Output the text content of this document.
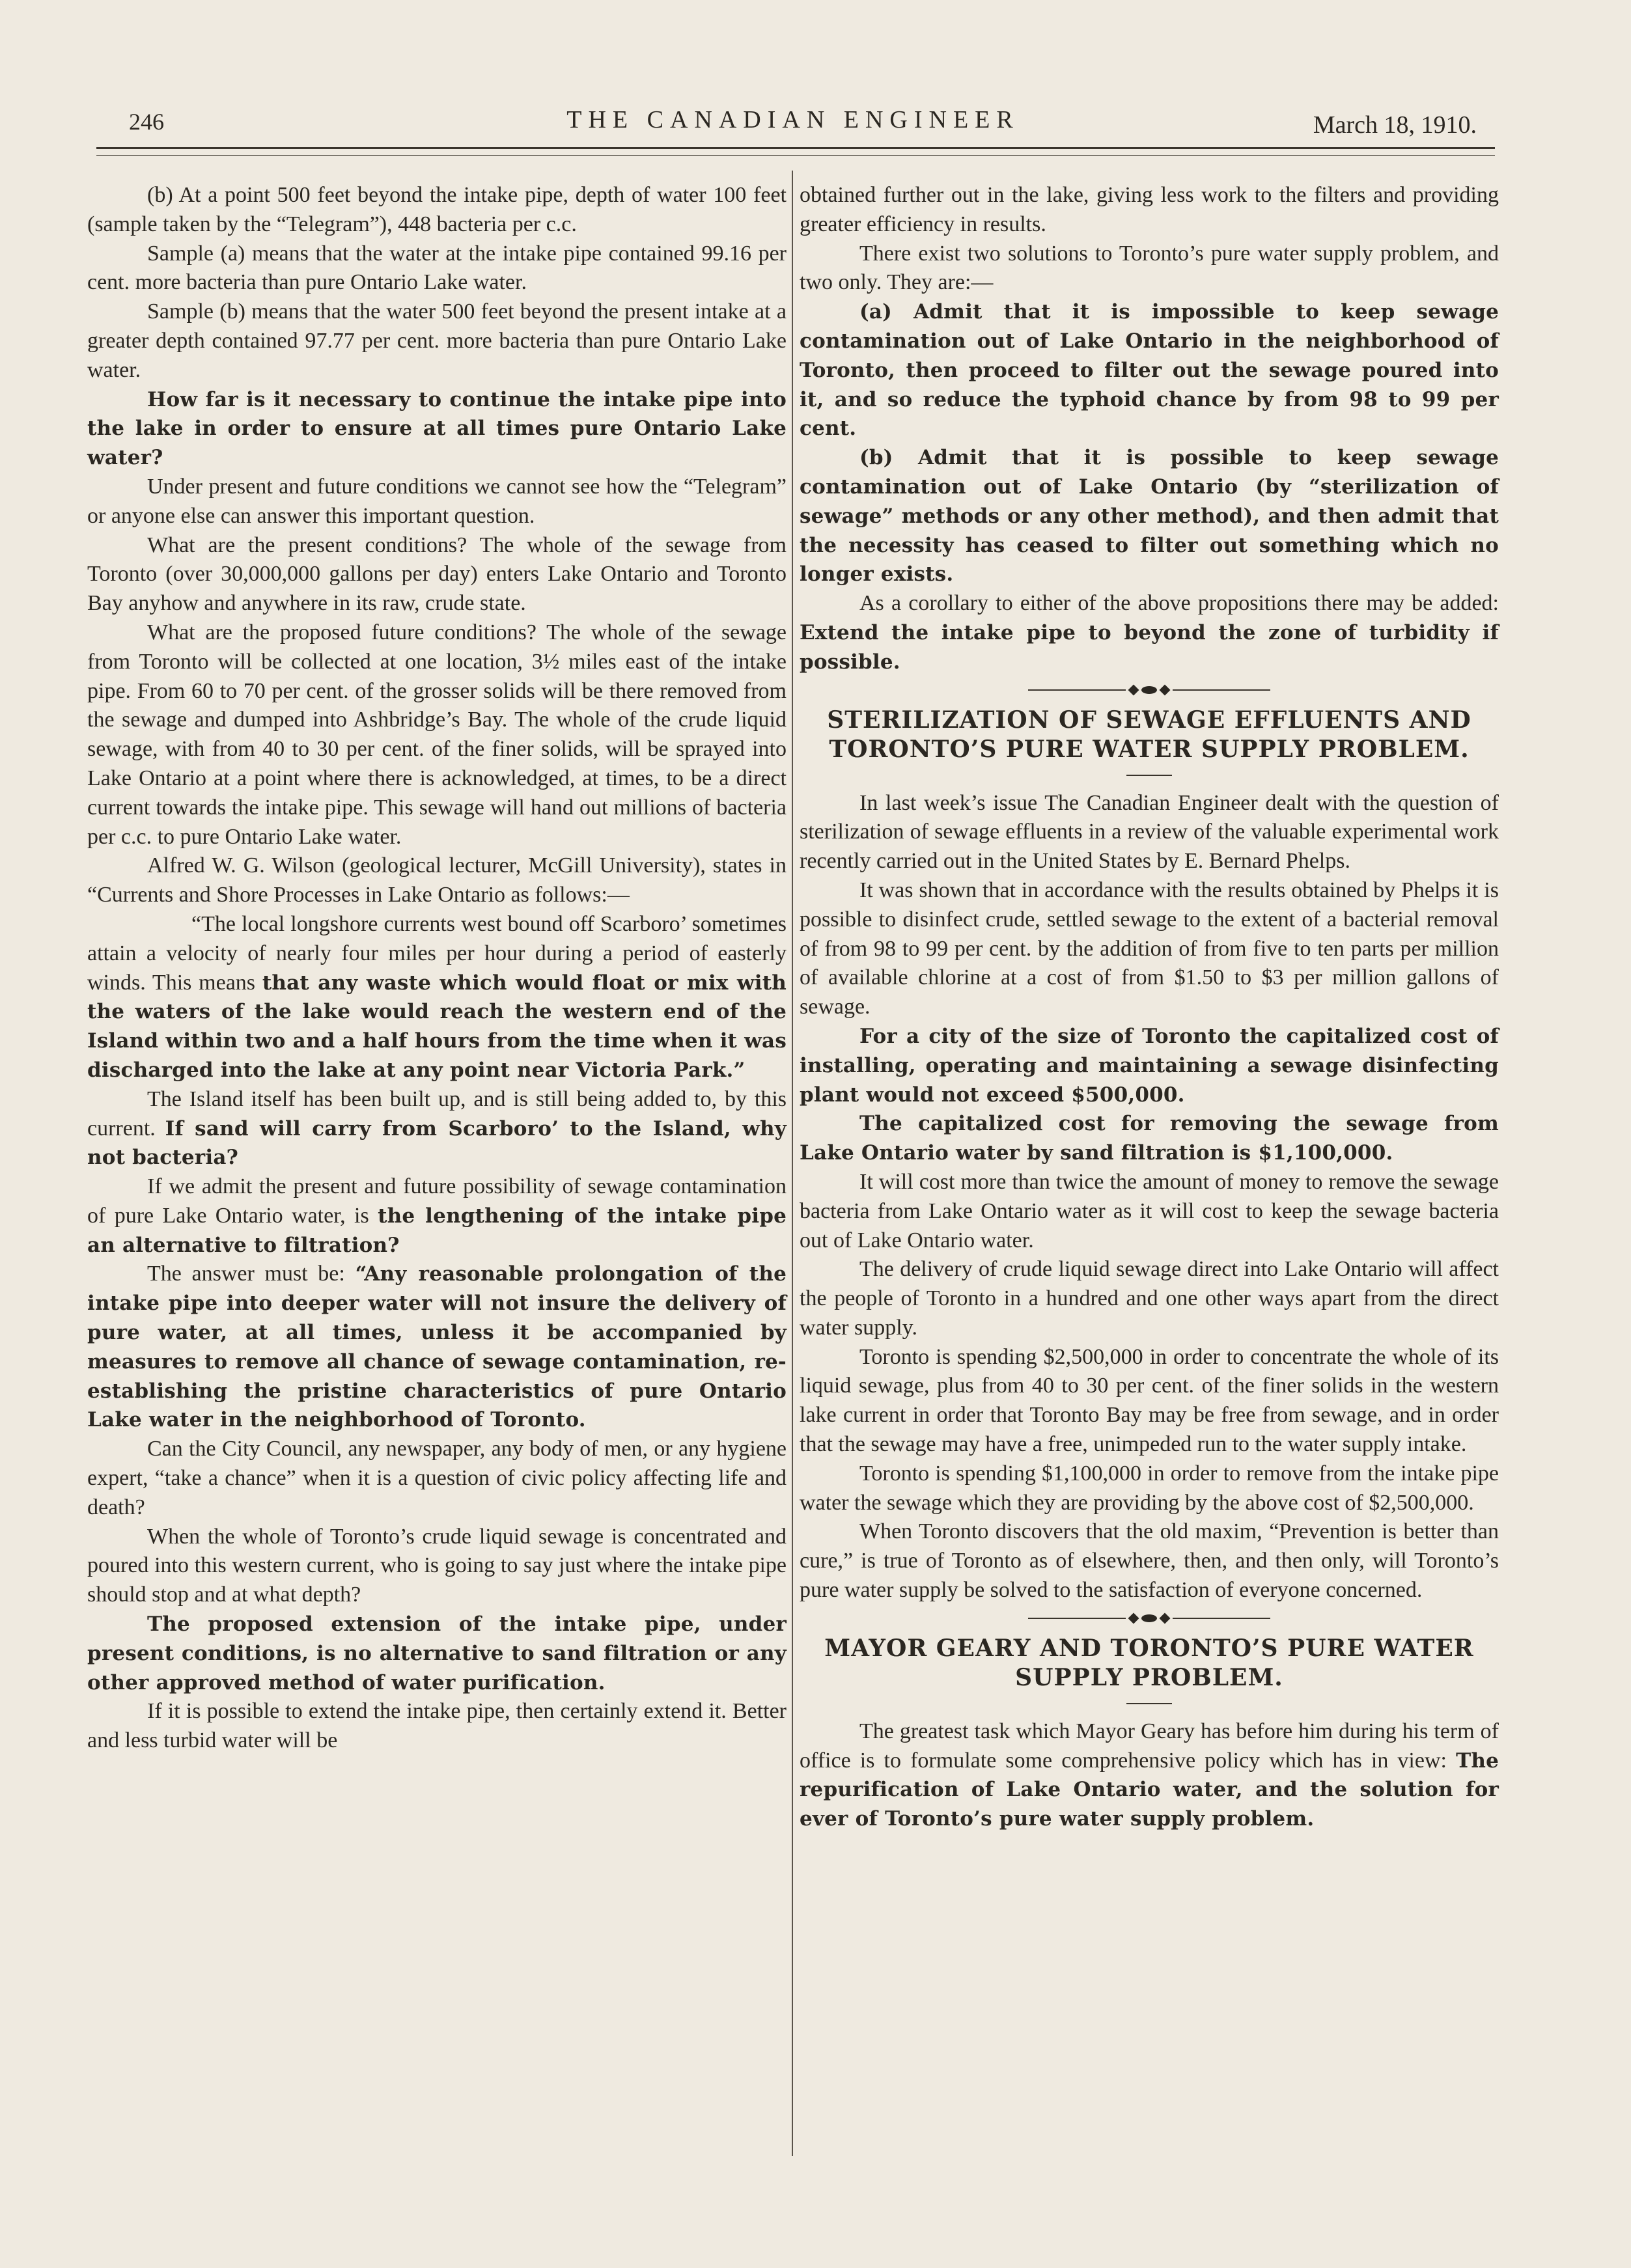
246	THE CANADIAN ENGINEER	March 18, 1910.

(b) At a point 500 feet beyond the intake pipe, depth of water 100 feet (sample taken by the “Telegram”), 448 bacteria per c.c.

Sample (a) means that the water at the intake pipe contained 99.16 per cent. more bacteria than pure Ontario Lake water.

Sample (b) means that the water 500 feet beyond the present intake at a greater depth contained 97.77 per cent. more bacteria than pure Ontario Lake water.

How far is it necessary to continue the intake pipe into the lake in order to ensure at all times pure Ontario Lake water?

Under present and future conditions we cannot see how the “Telegram” or anyone else can answer this important question.

What are the present conditions? The whole of the sewage from Toronto (over 30,000,000 gallons per day) enters Lake Ontario and Toronto Bay anyhow and anywhere in its raw, crude state.

What are the proposed future conditions? The whole of the sewage from Toronto will be collected at one location, 3½ miles east of the intake pipe. From 60 to 70 per cent. of the grosser solids will be there removed from the sewage and dumped into Ashbridge’s Bay. The whole of the crude liquid sewage, with from 40 to 30 per cent. of the finer solids, will be sprayed into Lake Ontario at a point where there is acknowledged, at times, to be a direct current towards the intake pipe. This sewage will hand out millions of bacteria per c.c. to pure Ontario Lake water.

Alfred W. G. Wilson (geological lecturer, McGill University), states in “Currents and Shore Processes in Lake Ontario as follows:—

“The local longshore currents west bound off Scarboro’ sometimes attain a velocity of nearly four miles per hour during a period of easterly winds. This means that any waste which would float or mix with the waters of the lake would reach the western end of the Island within two and a half hours from the time when it was discharged into the lake at any point near Victoria Park.”

The Island itself has been built up, and is still being added to, by this current. If sand will carry from Scarboro’ to the Island, why not bacteria?

If we admit the present and future possibility of sewage contamination of pure Lake Ontario water, is the lengthening of the intake pipe an alternative to filtration?

The answer must be: “Any reasonable prolongation of the intake pipe into deeper water will not insure the delivery of pure water, at all times, unless it be accompanied by measures to remove all chance of sewage contamination, re-establishing the pristine characteristics of pure Ontario Lake water in the neighborhood of Toronto.

Can the City Council, any newspaper, any body of men, or any hygiene expert, “take a chance” when it is a question of civic policy affecting life and death?

When the whole of Toronto’s crude liquid sewage is concentrated and poured into this western current, who is going to say just where the intake pipe should stop and at what depth?

The proposed extension of the intake pipe, under present conditions, is no alternative to sand filtration or any other approved method of water purification.

If it is possible to extend the intake pipe, then certainly extend it. Better and less turbid water will be

obtained further out in the lake, giving less work to the filters and providing greater efficiency in results.

There exist two solutions to Toronto’s pure water supply problem, and two only. They are:—

(a) Admit that it is impossible to keep sewage contamination out of Lake Ontario in the neighborhood of Toronto, then proceed to filter out the sewage poured into it, and so reduce the typhoid chance by from 98 to 99 per cent.

(b) Admit that it is possible to keep sewage contamination out of Lake Ontario (by “sterilization of sewage” methods or any other method), and then admit that the necessity has ceased to filter out something which no longer exists.

As a corollary to either of the above propositions there may be added: Extend the intake pipe to beyond the zone of turbidity if possible.

STERILIZATION OF SEWAGE EFFLUENTS AND TORONTO’S PURE WATER SUPPLY PROBLEM.

In last week’s issue The Canadian Engineer dealt with the question of sterilization of sewage effluents in a review of the valuable experimental work recently carried out in the United States by E. Bernard Phelps.

It was shown that in accordance with the results obtained by Phelps it is possible to disinfect crude, settled sewage to the extent of a bacterial removal of from 98 to 99 per cent. by the addition of from five to ten parts per million of available chlorine at a cost of from $1.50 to $3 per million gallons of sewage.

For a city of the size of Toronto the capitalized cost of installing, operating and maintaining a sewage disinfecting plant would not exceed $500,000.

The capitalized cost for removing the sewage from Lake Ontario water by sand filtration is $1,100,000.

It will cost more than twice the amount of money to remove the sewage bacteria from Lake Ontario water as it will cost to keep the sewage bacteria out of Lake Ontario water.

The delivery of crude liquid sewage direct into Lake Ontario will affect the people of Toronto in a hundred and one other ways apart from the direct water supply.

Toronto is spending $2,500,000 in order to concentrate the whole of its liquid sewage, plus from 40 to 30 per cent. of the finer solids in the western lake current in order that Toronto Bay may be free from sewage, and in order that the sewage may have a free, unimpeded run to the water supply intake.

Toronto is spending $1,100,000 in order to remove from the intake pipe water the sewage which they are providing by the above cost of $2,500,000.

When Toronto discovers that the old maxim, “Prevention is better than cure,” is true of Toronto as of elsewhere, then, and then only, will Toronto’s pure water supply be solved to the satisfaction of everyone concerned.

MAYOR GEARY AND TORONTO’S PURE WATER SUPPLY PROBLEM.

The greatest task which Mayor Geary has before him during his term of office is to formulate some comprehensive policy which has in view: The repurification of Lake Ontario water, and the solution for ever of Toronto’s pure water supply problem.
